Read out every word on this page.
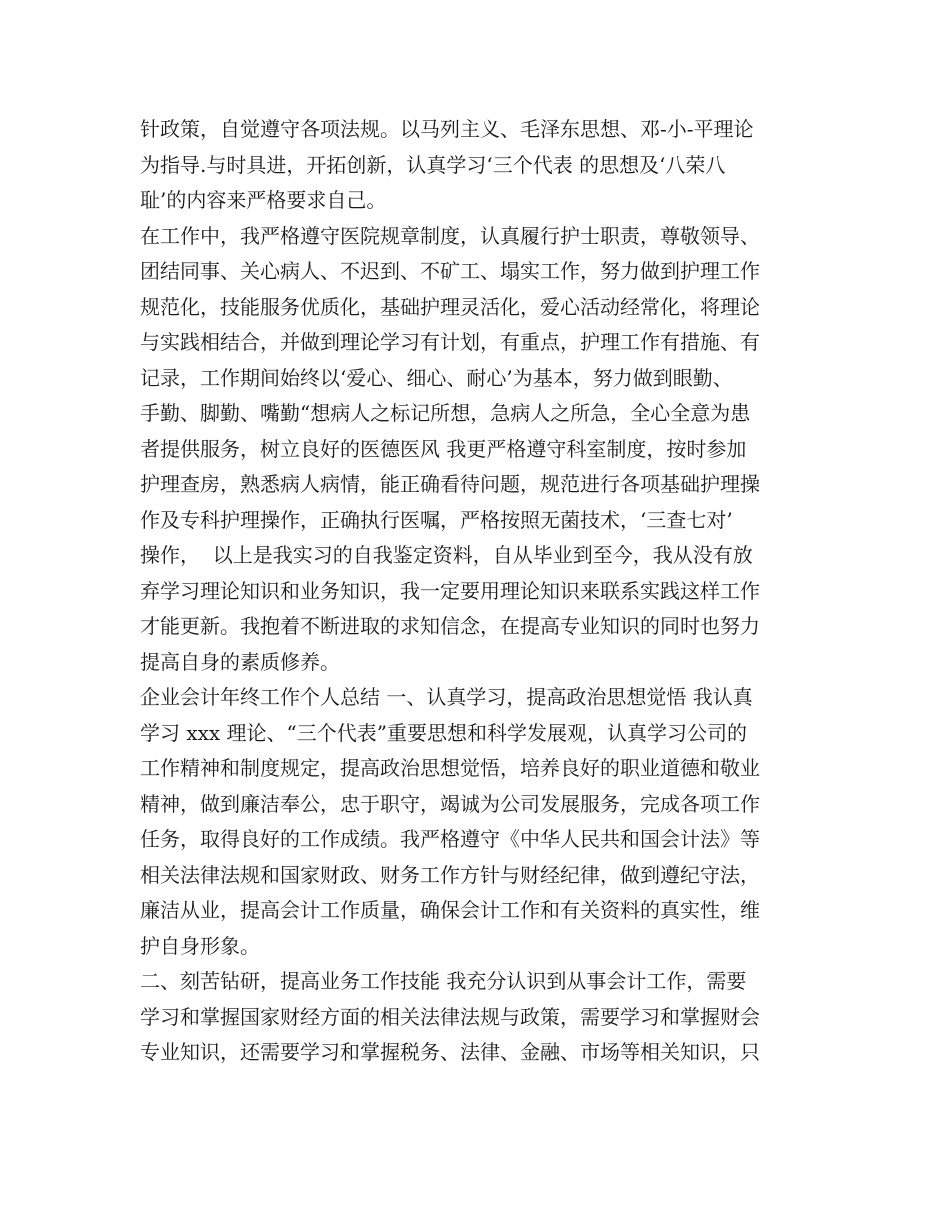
针政策，自觉遵守各项法规。以马列主义、毛泽东思想、邓-小-平理论
为指导.与时具进，开拓创新，认真学习‘三个代表 的思想及‘八荣八
耻’的内容来严格要求自己。
在工作中，我严格遵守医院规章制度，认真履行护士职责，尊敬领导、
团结同事、关心病人、不迟到、不矿工、塌实工作，努力做到护理工作
规范化，技能服务优质化，基础护理灵活化，爱心活动经常化，将理论
与实践相结合，并做到理论学习有计划，有重点，护理工作有措施、有
记录，工作期间始终以‘爱心、细心、耐心’为基本，努力做到眼勤、
手勤、脚勤、嘴勤“想病人之标记所想，急病人之所急，全心全意为患
者提供服务，树立良好的医德医风 我更严格遵守科室制度，按时参加
护理查房，熟悉病人病情，能正确看待问题，规范进行各项基础护理操
作及专科护理操作，正确执行医嘱，严格按照无菌技术，‘三查七对’
操作，  以上是我实习的自我鉴定资料，自从毕业到至今，我从没有放
弃学习理论知识和业务知识，我一定要用理论知识来联系实践这样工作
才能更新。我抱着不断进取的求知信念，在提高专业知识的同时也努力
提高自身的素质修养。
企业会计年终工作个人总结 一、认真学习，提高政治思想觉悟 我认真
学习 xxx 理论、“三个代表”重要思想和科学发展观，认真学习公司的
工作精神和制度规定，提高政治思想觉悟，培养良好的职业道德和敬业
精神，做到廉洁奉公，忠于职守，竭诚为公司发展服务，完成各项工作
任务，取得良好的工作成绩。我严格遵守《中华人民共和国会计法》等
相关法律法规和国家财政、财务工作方针与财经纪律，做到遵纪守法，
廉洁从业，提高会计工作质量，确保会计工作和有关资料的真实性，维
护自身形象。
二、刻苦钻研，提高业务工作技能 我充分认识到从事会计工作，需要
学习和掌握国家财经方面的相关法律法规与政策，需要学习和掌握财会
专业知识，还需要学习和掌握税务、法律、金融、市场等相关知识，只
